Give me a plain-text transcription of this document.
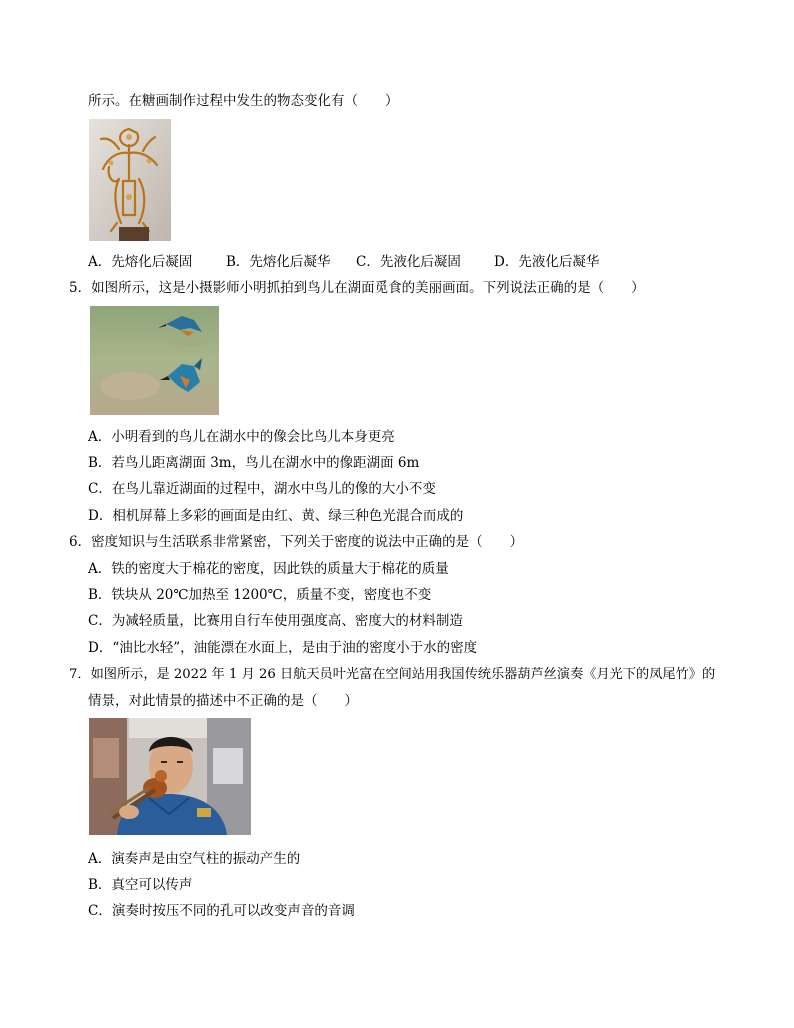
所示。在糖画制作过程中发生的物态变化有（　　）
A．先熔化后凝固	B．先熔化后凝华 C．先液化后凝固 D．先液化后凝华
5．如图所示，这是小摄影师小明抓拍到鸟儿在湖面觅食的美丽画面。下列说法正确的是（　　）
A．小明看到的鸟儿在湖水中的像会比鸟儿本身更亮
B．若鸟儿距离湖面 3m，鸟儿在湖水中的像距湖面 6m
C．在鸟儿靠近湖面的过程中，湖水中鸟儿的像的大小不变
D．相机屏幕上多彩的画面是由红、黄、绿三种色光混合而成的
6．密度知识与生活联系非常紧密，下列关于密度的说法中正确的是（　　）
A．铁的密度大于棉花的密度，因此铁的质量大于棉花的质量
B．铁块从 20℃加热至 1200℃，质量不变，密度也不变
C．为减轻质量，比赛用自行车使用强度高、密度大的材料制造
D．“油比水轻”，油能漂在水面上，是由于油的密度小于水的密度
7．如图所示，是 2022 年 1 月 26 日航天员叶光富在空间站用我国传统乐器葫芦丝演奏《月光下的凤尾竹》的
情景，对此情景的描述中不正确的是（　　）
A．演奏声是由空气柱的振动产生的
B．真空可以传声
C．演奏时按压不同的孔可以改变声音的音调
